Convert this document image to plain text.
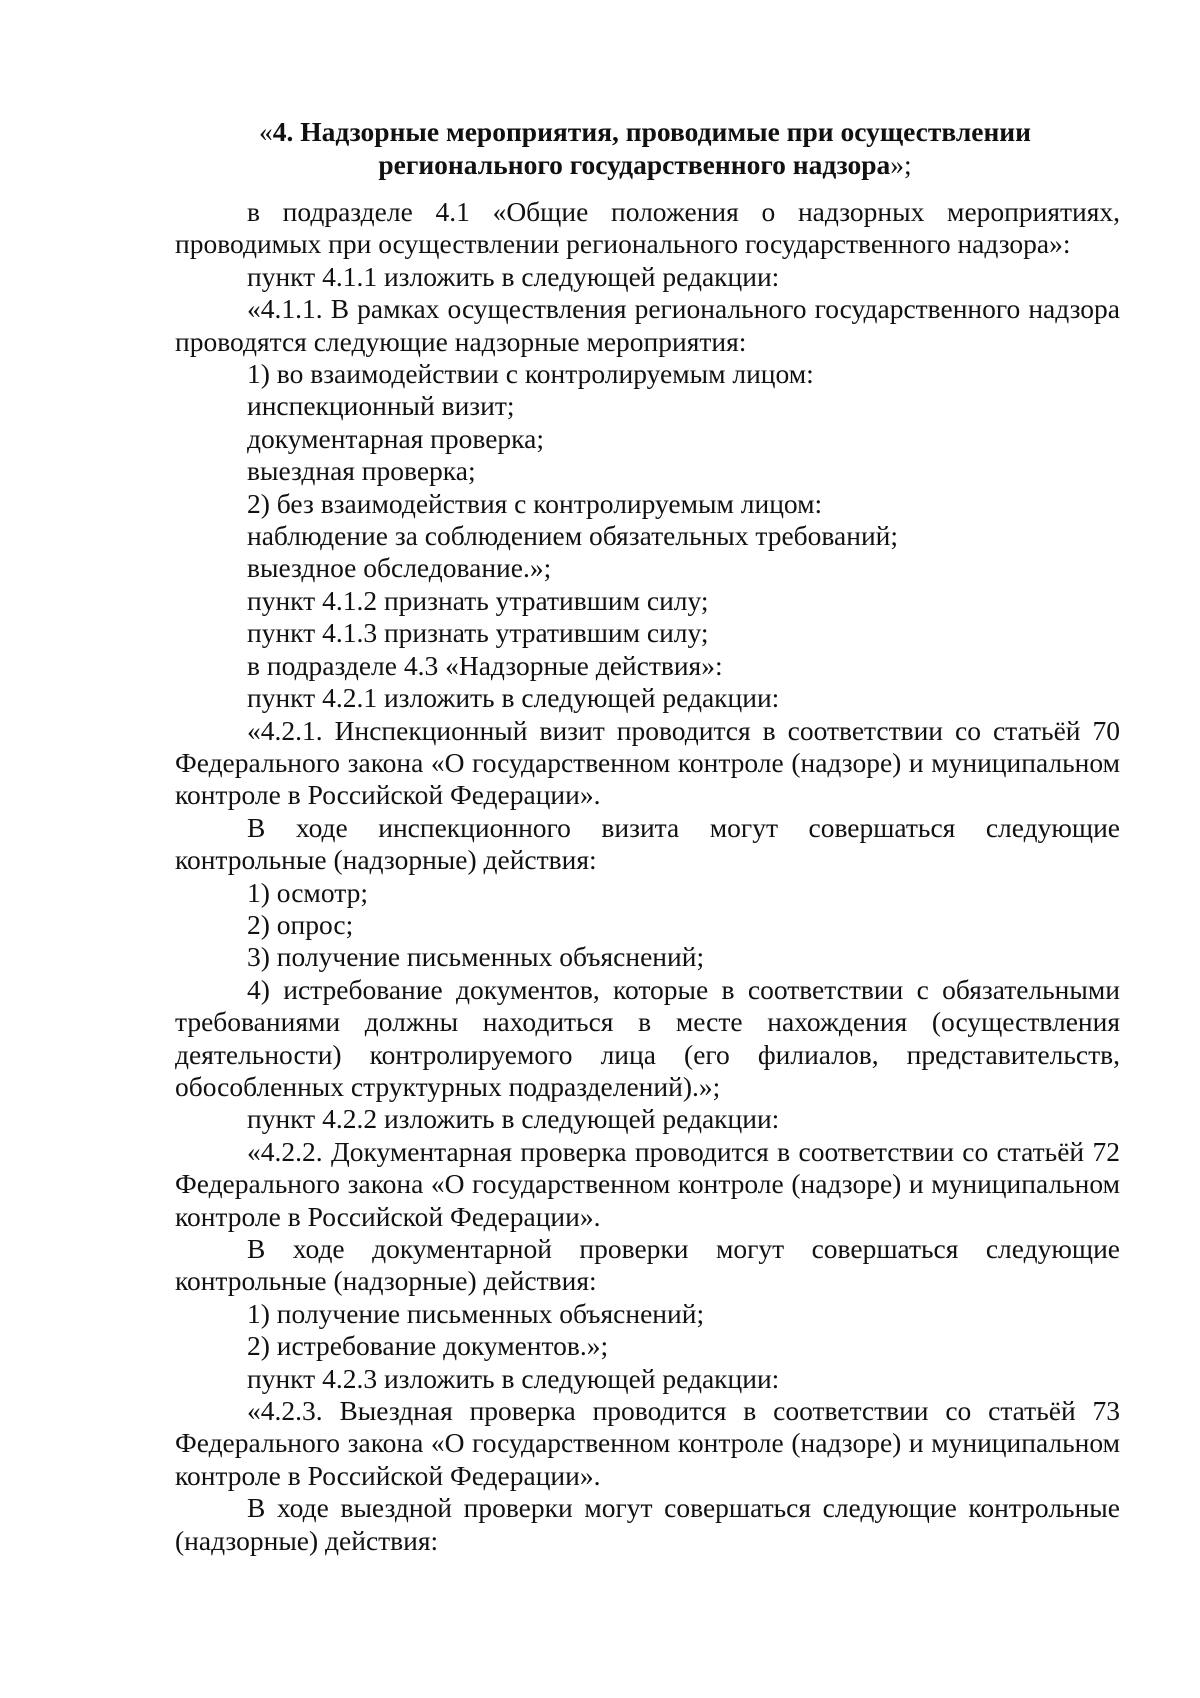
«4. Надзорные мероприятия, проводимые при осуществлении регионального государственного надзора»;

в подразделе 4.1 «Общие положения о надзорных мероприятиях, проводимых при осуществлении регионального государственного надзора»:

пункт 4.1.1 изложить в следующей редакции:

«4.1.1. В рамках осуществления регионального государственного надзора проводятся следующие надзорные мероприятия:

1) во взаимодействии с контролируемым лицом:

инспекционный визит;

документарная проверка;

выездная проверка;

2) без взаимодействия с контролируемым лицом:

наблюдение за соблюдением обязательных требований;

выездное обследование.»;

пункт 4.1.2 признать утратившим силу;

пункт 4.1.3 признать утратившим силу;

в подразделе 4.3 «Надзорные действия»:

пункт 4.2.1 изложить в следующей редакции:

«4.2.1. Инспекционный визит проводится в соответствии со статьёй 70 Федерального закона «О государственном контроле (надзоре) и муниципальном контроле в Российской Федерации».

В ходе инспекционного визита могут совершаться следующие контрольные (надзорные) действия:

1) осмотр;

2) опрос;

3) получение письменных объяснений;

4) истребование документов, которые в соответствии с обязательными требованиями должны находиться в месте нахождения (осуществления деятельности) контролируемого лица (его филиалов, представительств, обособленных структурных подразделений).»;

пункт 4.2.2 изложить в следующей редакции:

«4.2.2. Документарная проверка проводится в соответствии со статьёй 72 Федерального закона «О государственном контроле (надзоре) и муниципальном контроле в Российской Федерации».

В ходе документарной проверки могут совершаться следующие контрольные (надзорные) действия:

1) получение письменных объяснений;

2) истребование документов.»;

пункт 4.2.3 изложить в следующей редакции:

«4.2.3. Выездная проверка проводится в соответствии со статьёй 73 Федерального закона «О государственном контроле (надзоре) и муниципальном контроле в Российской Федерации».

В ходе выездной проверки могут совершаться следующие контрольные (надзорные) действия:
